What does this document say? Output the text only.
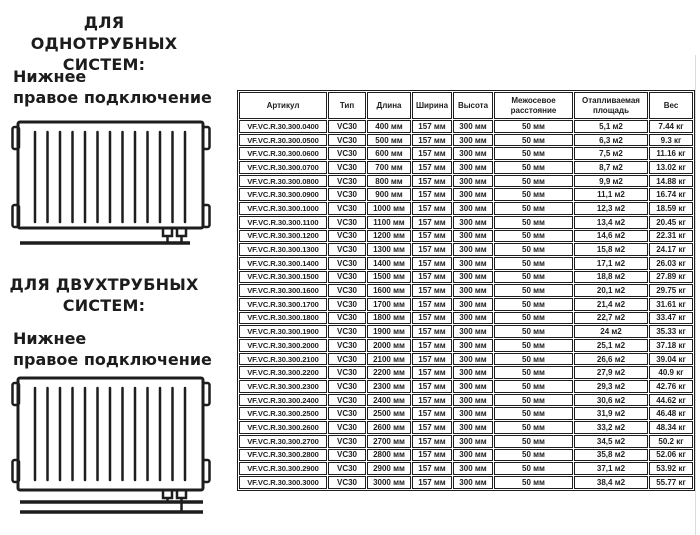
ДЛЯ ОДНОТРУБНЫХ
СИСТЕМ:
Нижнее
правое подключение
ДЛЯ ДВУХТРУБНЫХ
СИСТЕМ:
Нижнее
правое подключение
Артикул	Тип	Длина	Ширина	Высота	Межосевое расстояние	Отапливаемая площадь	Вес
VF.VC.R.30.300.0400	VC30	400 мм	157 мм	300 мм	50 мм	5,1 м2	7.44 кг
VF.VC.R.30.300.0500	VC30	500 мм	157 мм	300 мм	50 мм	6,3 м2	9.3 кг
VF.VC.R.30.300.0600	VC30	600 мм	157 мм	300 мм	50 мм	7,5 м2	11.16 кг
VF.VC.R.30.300.0700	VC30	700 мм	157 мм	300 мм	50 мм	8,7 м2	13.02 кг
VF.VC.R.30.300.0800	VC30	800 мм	157 мм	300 мм	50 мм	9,9 м2	14.88 кг
VF.VC.R.30.300.0900	VC30	900 мм	157 мм	300 мм	50 мм	11,1 м2	16.74 кг
VF.VC.R.30.300.1000	VC30	1000 мм	157 мм	300 мм	50 мм	12,3 м2	18.59 кг
VF.VC.R.30.300.1100	VC30	1100 мм	157 мм	300 мм	50 мм	13,4 м2	20.45 кг
VF.VC.R.30.300.1200	VC30	1200 мм	157 мм	300 мм	50 мм	14,6 м2	22.31 кг
VF.VC.R.30.300.1300	VC30	1300 мм	157 мм	300 мм	50 мм	15,8 м2	24.17 кг
VF.VC.R.30.300.1400	VC30	1400 мм	157 мм	300 мм	50 мм	17,1 м2	26.03 кг
VF.VC.R.30.300.1500	VC30	1500 мм	157 мм	300 мм	50 мм	18,8 м2	27.89 кг
VF.VC.R.30.300.1600	VC30	1600 мм	157 мм	300 мм	50 мм	20,1 м2	29.75 кг
VF.VC.R.30.300.1700	VC30	1700 мм	157 мм	300 мм	50 мм	21,4 м2	31.61 кг
VF.VC.R.30.300.1800	VC30	1800 мм	157 мм	300 мм	50 мм	22,7 м2	33.47 кг
VF.VC.R.30.300.1900	VC30	1900 мм	157 мм	300 мм	50 мм	24 м2	35.33 кг
VF.VC.R.30.300.2000	VC30	2000 мм	157 мм	300 мм	50 мм	25,1 м2	37.18 кг
VF.VC.R.30.300.2100	VC30	2100 мм	157 мм	300 мм	50 мм	26,6 м2	39.04 кг
VF.VC.R.30.300.2200	VC30	2200 мм	157 мм	300 мм	50 мм	27,9 м2	40.9 кг
VF.VC.R.30.300.2300	VC30	2300 мм	157 мм	300 мм	50 мм	29,3 м2	42.76 кг
VF.VC.R.30.300.2400	VC30	2400 мм	157 мм	300 мм	50 мм	30,6 м2	44.62 кг
VF.VC.R.30.300.2500	VC30	2500 мм	157 мм	300 мм	50 мм	31,9 м2	46.48 кг
VF.VC.R.30.300.2600	VC30	2600 мм	157 мм	300 мм	50 мм	33,2 м2	48.34 кг
VF.VC.R.30.300.2700	VC30	2700 мм	157 мм	300 мм	50 мм	34,5 м2	50.2 кг
VF.VC.R.30.300.2800	VC30	2800 мм	157 мм	300 мм	50 мм	35,8 м2	52.06 кг
VF.VC.R.30.300.2900	VC30	2900 мм	157 мм	300 мм	50 мм	37,1 м2	53.92 кг
VF.VC.R.30.300.3000	VC30	3000 мм	157 мм	300 мм	50 мм	38,4 м2	55.77 кг
